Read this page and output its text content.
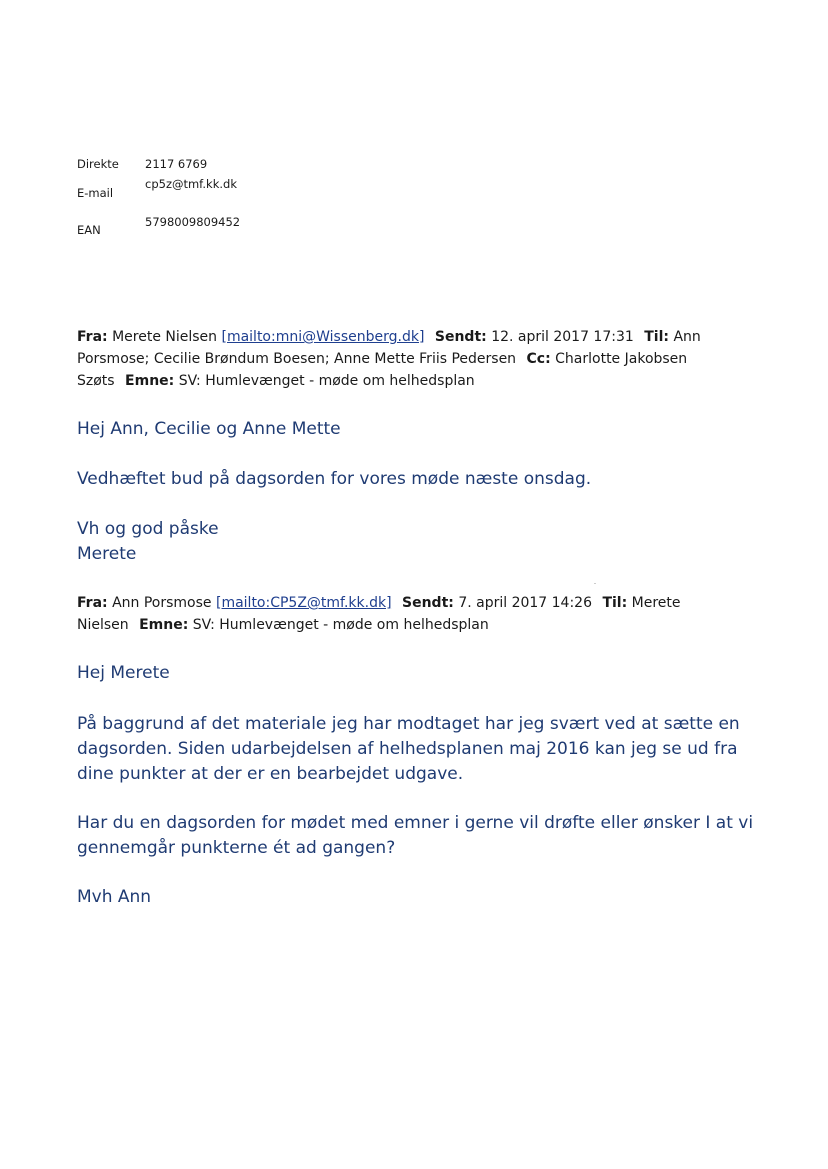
Direkte 2117 6769
E-mail
cp5z@tmf.kk.dk
EAN
5798009809452
Fra: Merete Nielsen [mailto:mni@Wissenberg.dk] Sendt: 12. april 2017 17:31 Til: Ann Porsmose; Cecilie Brøndum Boesen; Anne Mette Friis Pedersen Cc: Charlotte Jakobsen Szøts Emne: SV: Humlevænget - møde om helhedsplan
Hej Ann, Cecilie og Anne Mette
Vedhæftet bud på dagsorden for vores møde næste onsdag.
Vh og god påske
Merete
Fra: Ann Porsmose [mailto:CP5Z@tmf.kk.dk] Sendt: 7. april 2017 14:26 Til: Merete Nielsen Emne: SV: Humlevænget - møde om helhedsplan
Hej Merete
På baggrund af det materiale jeg har modtaget har jeg svært ved at sætte en dagsorden. Siden udarbejdelsen af helhedsplanen maj 2016 kan jeg se ud fra dine punkter at der er en bearbejdet udgave.
Har du en dagsorden for mødet med emner i gerne vil drøfte eller ønsker I at vi gennemgår punkterne ét ad gangen?
Mvh Ann
